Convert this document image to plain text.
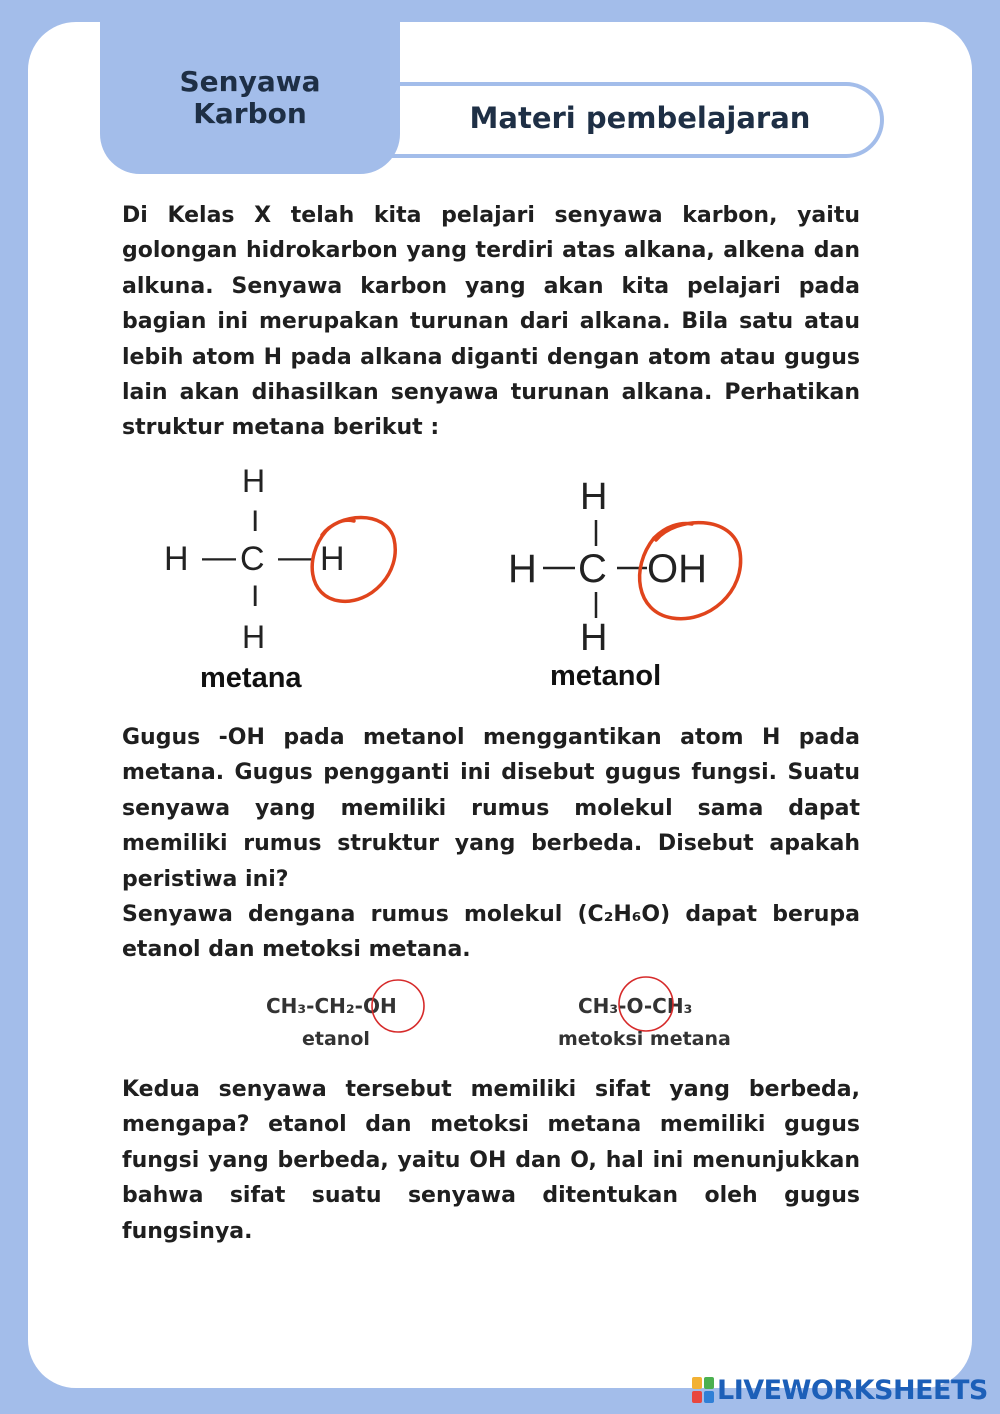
Materi pembelajaran
Senyawa
Karbon

Di Kelas X telah kita pelajari senyawa karbon, yaitu golongan hidrokarbon yang terdiri atas alkana, alkena dan alkuna. Senyawa karbon yang akan kita pelajari pada bagian ini merupakan turunan dari alkana. Bila satu atau lebih atom H pada alkana diganti dengan atom atau gugus lain akan dihasilkan senyawa turunan alkana. Perhatikan struktur metana berikut :

H
I
H — C — H
I
H
metana
H
H C OH
H
metanol

Gugus -OH pada metanol menggantikan atom H pada metana. Gugus pengganti ini disebut gugus fungsi. Suatu senyawa yang memiliki rumus molekul sama dapat memiliki rumus struktur yang berbeda. Disebut apakah peristiwa ini?

Senyawa dengana rumus molekul (C₂H₆O) dapat berupa etanol dan metoksi metana.

CH₃-CH₂-OH
etanol
CH₃-O-CH₃
metoksi metana

Kedua senyawa tersebut memiliki sifat yang berbeda, mengapa? etanol dan metoksi metana memiliki gugus fungsi yang berbeda, yaitu OH dan O, hal ini menunjukkan bahwa sifat suatu senyawa ditentukan oleh gugus fungsinya.

LIVEWORKSHEETS
